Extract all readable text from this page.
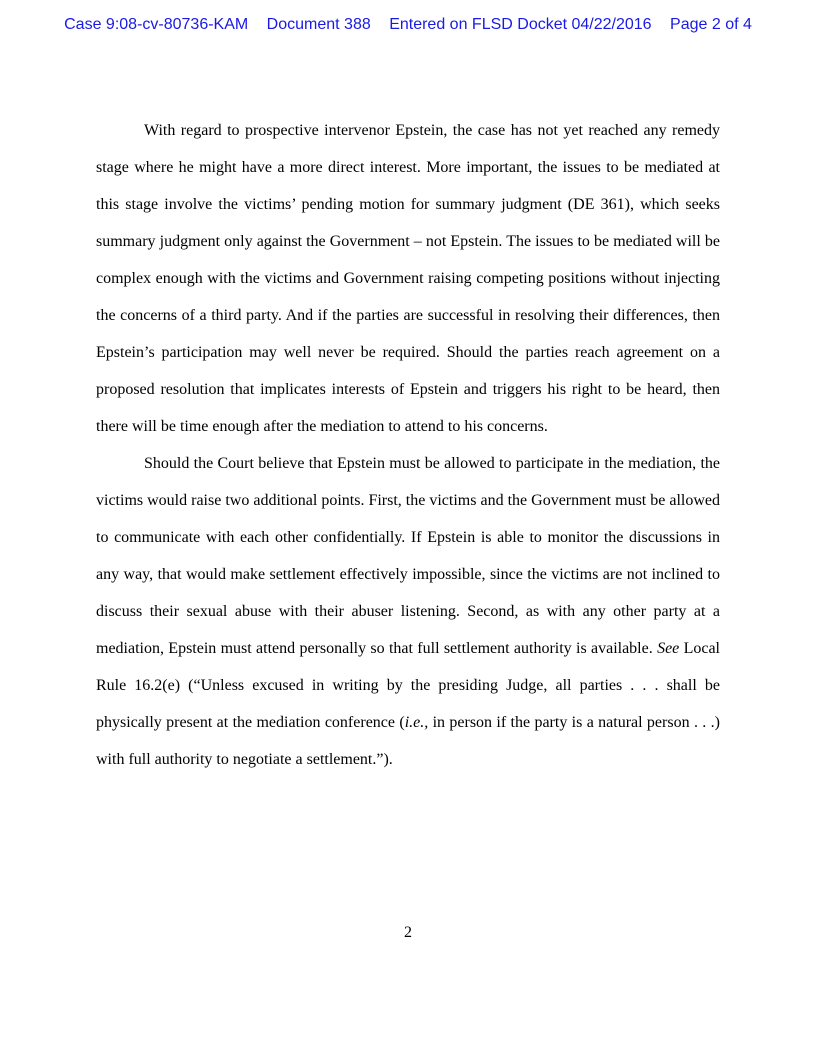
Case 9:08-cv-80736-KAM Document 388 Entered on FLSD Docket 04/22/2016 Page 2 of 4

With regard to prospective intervenor Epstein, the case has not yet reached any remedy stage where he might have a more direct interest. More important, the issues to be mediated at this stage involve the victims’ pending motion for summary judgment (DE 361), which seeks summary judgment only against the Government – not Epstein. The issues to be mediated will be complex enough with the victims and Government raising competing positions without injecting the concerns of a third party. And if the parties are successful in resolving their differences, then Epstein’s participation may well never be required. Should the parties reach agreement on a proposed resolution that implicates interests of Epstein and triggers his right to be heard, then there will be time enough after the mediation to attend to his concerns.

Should the Court believe that Epstein must be allowed to participate in the mediation, the victims would raise two additional points. First, the victims and the Government must be allowed to communicate with each other confidentially. If Epstein is able to monitor the discussions in any way, that would make settlement effectively impossible, since the victims are not inclined to discuss their sexual abuse with their abuser listening. Second, as with any other party at a mediation, Epstein must attend personally so that full settlement authority is available. See Local Rule 16.2(e) (“Unless excused in writing by the presiding Judge, all parties . . . shall be physically present at the mediation conference (i.e., in person if the party is a natural person . . .) with full authority to negotiate a settlement.”).

2
